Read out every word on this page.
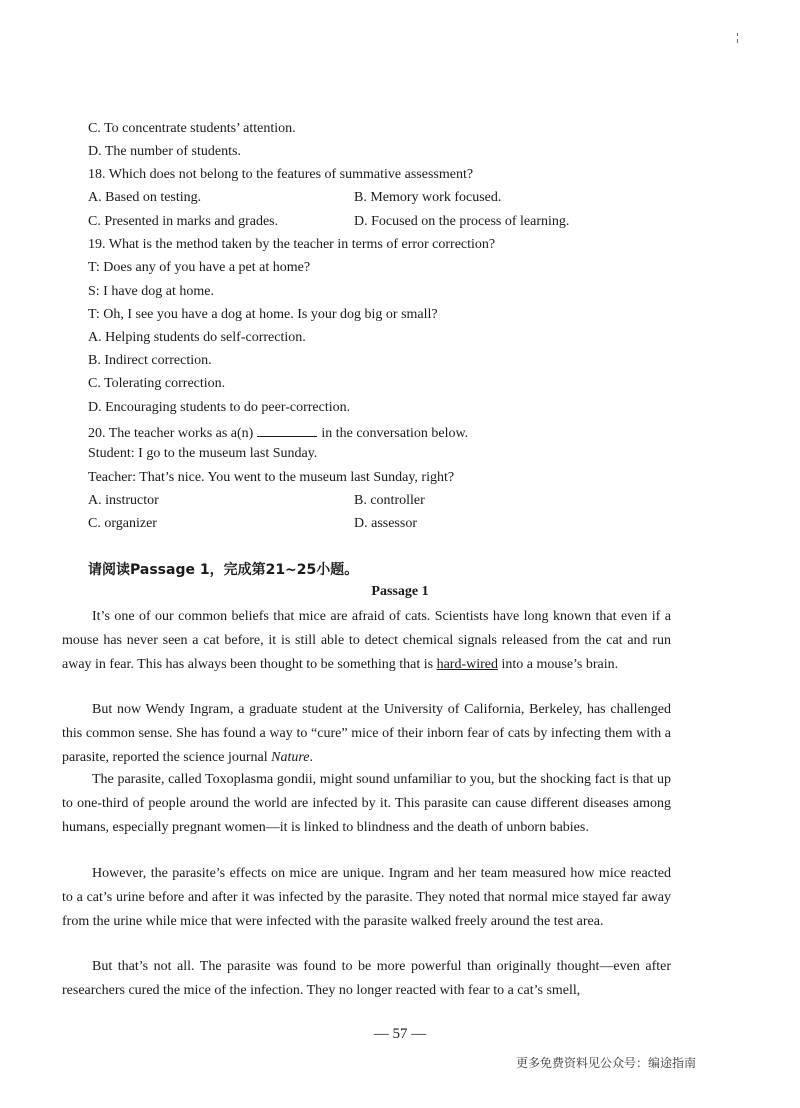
C. To concentrate students’ attention.
D. The number of students.
18. Which does not belong to the features of summative assessment?
A. Based on testing.	B. Memory work focused.
C. Presented in marks and grades.	D. Focused on the process of learning.
19. What is the method taken by the teacher in terms of error correction?
T: Does any of you have a pet at home?
S: I have dog at home.
T: Oh, I see you have a dog at home. Is your dog big or small?
A. Helping students do self-correction.
B. Indirect correction.
C. Tolerating correction.
D. Encouraging students to do peer-correction.
20. The teacher works as a(n)	in the conversation below.
Student: I go to the museum last Sunday.
Teacher: That’s nice. You went to the museum last Sunday, right?
A. instructor	B. controller
C. organizer	D. assessor
请阅读Passage 1，完成第21~25小题。
Passage 1

It’s one of our common beliefs that mice are afraid of cats. Scientists have long known that even if a mouse has never seen a cat before, it is still able to detect chemical signals released from the cat and run away in fear. This has always been thought to be something that is hard-wired into a mouse’s brain.

But now Wendy Ingram, a graduate student at the University of California, Berkeley, has challenged this common sense. She has found a way to “cure” mice of their inborn fear of cats by infecting them with a parasite, reported the science journal Nature.

The parasite, called Toxoplasma gondii, might sound unfamiliar to you, but the shocking fact is that up to one-third of people around the world are infected by it. This parasite can cause different diseases among humans, especially pregnant women—it is linked to blindness and the death of unborn babies.

However, the parasite’s effects on mice are unique. Ingram and her team measured how mice reacted to a cat’s urine before and after it was infected by the parasite. They noted that normal mice stayed far away from the urine while mice that were infected with the parasite walked freely around the test area.

But that’s not all. The parasite was found to be more powerful than originally thought—even after researchers cured the mice of the infection. They no longer reacted with fear to a cat’s smell,

— 57 —
更多免费资料见公众号：编途指南
